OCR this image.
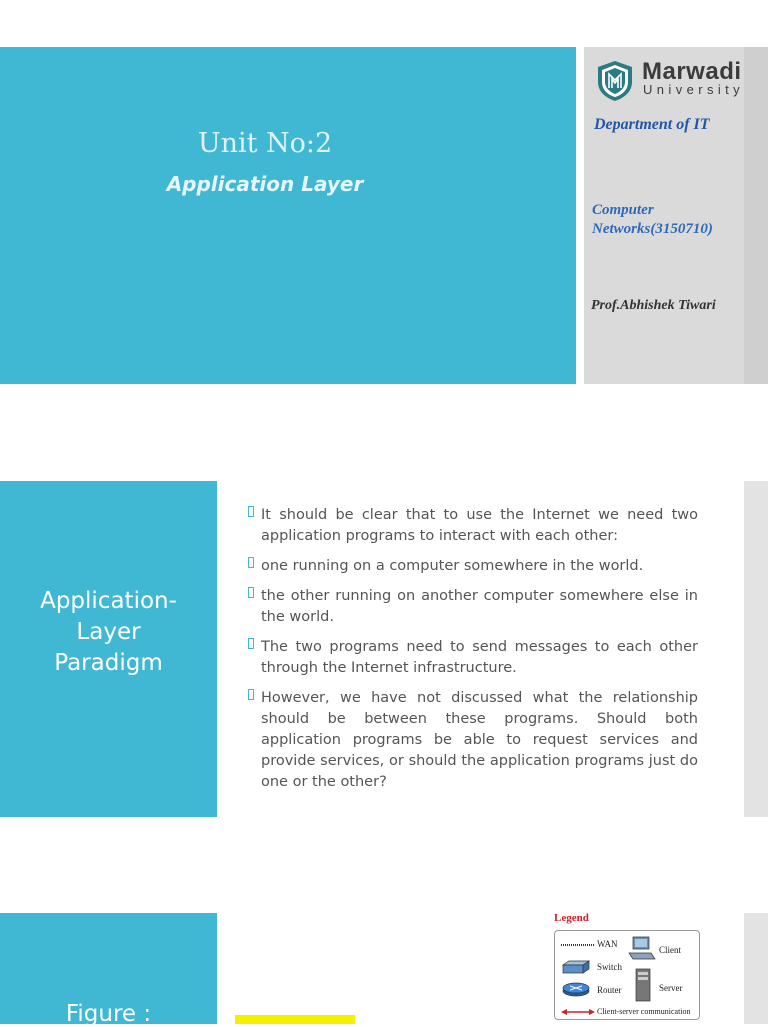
Unit No:2
Application Layer
Marwadi
University
Department of IT
Computer
Networks(3150710)
Prof.Abhishek Tiwari
Application-
Layer
Paradigm
It should be clear that to use the Internet we need two application programs to interact with each other:
one running on a computer somewhere in the world.
the other running on another computer somewhere else in the world.
The two programs need to send messages to each other through the Internet infrastructure.
However, we have not discussed what the relationship should be between these programs. Should both application programs be able to request services and provide services, or should the application programs just do one or the other?
Figure :
Legend
WAN
Switch
Router
Client
Server
Client-server communication
